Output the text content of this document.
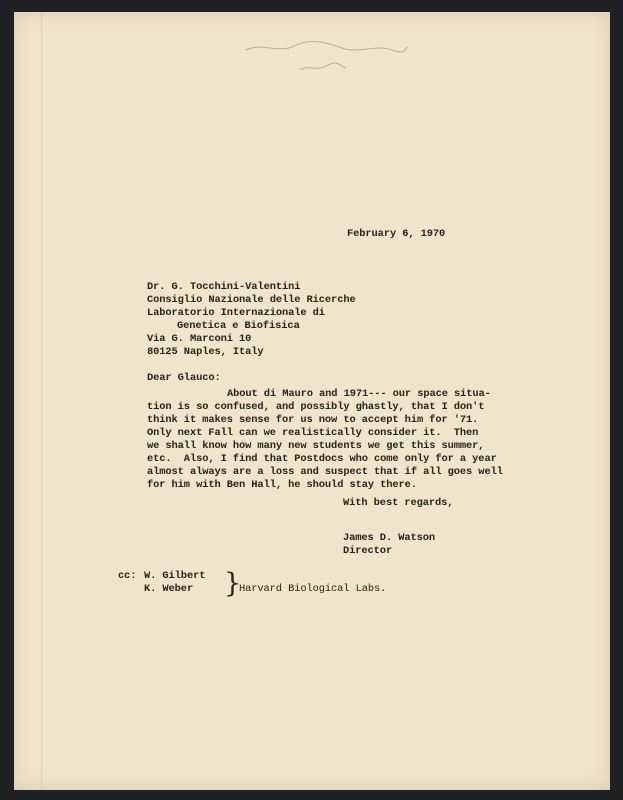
February 6, 1970

Dr. G. Tocchini-Valentini

Consiglio Nazionale delle Ricerche

Laboratorio Internazionale di

Genetica e Biofisica

Via G. Marconi 10

80125 Naples, Italy

Dear Glauco:

About di Mauro and 1971--- our space situa-

tion is so confused, and possibly ghastly, that I don't

think it makes sense for us now to accept him for '71.

Only next Fall can we realistically consider it.  Then

we shall know how many new students we get this summer,

etc.  Also, I find that Postdocs who come only for a year

almost always are a loss and suspect that if all goes well

for him with Ben Hall, he should stay there.

With best regards,

James D. Watson

Director

cc: W. Gilbert

K. Weber }

Harvard Biological Labs.
